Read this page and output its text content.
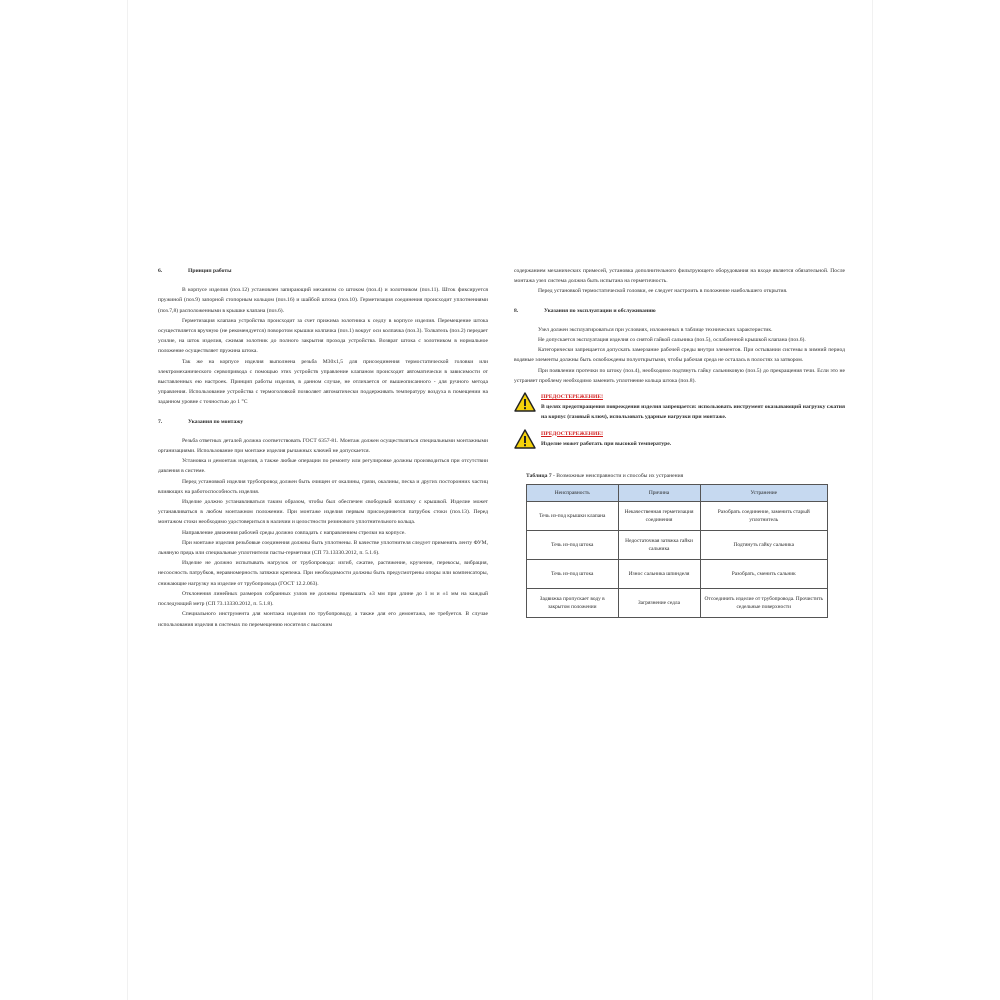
6.	Принцип работы

В корпусе изделия (поз.12) установлен запирающий механизм со штоком (поз.4) и золотником (поз.11). Шток фиксируется пружиной (поз.9) запорной стопорным кольцом (поз.16) и шайбой штока (поз.10). Герметизация соединения происходит уплотнениями (поз.7,8) расположенными в крышке клапана (поз.6).

Герметизация клапана устройства происходит за счет прижима золотника к седлу в корпусе изделия. Перемещение штока осуществляется вручную (не рекомендуется) поворотом крышки колпачка (поз.1) вокруг оси колпачка (поз.3). Толкатель (поз.2) передает усилие, на шток изделия, сжимая золотник до полного закрытия прохода устройства. Возврат штока с золотником в нормальное положение осуществляет пружина штока.

Так же на корпусе изделия выполнена резьба М30х1,5 для присоединения термостатической головки или электромеханического сервопривода с помощью этих устройств управление клапаном происходит автоматически в зависимости от выставленных ею настроек. Принцип работы изделия, в данном случае, не отличается от вышеописанного - для ручного метода управления. Использование устройства с термоголовкой позволяет автоматически поддерживать температуру воздуха в помещении на заданном уровне с точностью до 1 °С

7.	Указания по монтажу

Резьба ответных деталей должна соответствовать ГОСТ 6357-81. Монтаж должен осуществляться специальными монтажными организациями. Использование при монтаже изделия рычажных ключей не допускается.

Установка и демонтаж изделия, а также любые операции по ремонту или регулировке должны производиться при отсутствии давления в системе.

Перед установкой изделия трубопровод должен быть очищен от окалины, грязи, окалины, песка и других посторонних частиц влияющих на работоспособность изделия.

Изделие должно устанавливаться таким образом, чтобы был обеспечен свободный колпачку с крышкой. Изделие может устанавливаться в любом монтажном положении. При монтаже изделия первым присоединяется патрубок стоки (поз.13). Перед монтажом стоки необходимо удостовериться в наличии и целостности резинового уплотнительного кольца.

Направление движения рабочей среды должно совпадать с направлением стрелки на корпусе.

При монтаже изделия резьбовые соединения должны быть уплотнены. В качестве уплотнителя следует применять ленту ФУМ, льняную прядь или специальные уплотнители пасты-герметики (СП 73.13330.2012, п. 5.1.6).

Изделие не должно испытывать нагрузок от трубопровода: изгиб, сжатие, растяжение, кручение, перекосы, вибрация, несоосность патрубков, неравномерность затяжки крепежа. При необходимости должны быть предусмотрены опоры или компенсаторы, снижающие нагрузку на изделие от трубопровода (ГОСТ 12.2.063).

Отклонения линейных размеров собранных узлов не должны превышать ±3 мм при длине до 1 м и ±1 мм на каждый последующий метр (СП 73.13330.2012, п. 5.1.8).

Специального инструмента для монтажа изделия по трубопроводу, а также для его демонтажа, не требуется. В случае использования изделия в системах по перемещению носителя с высоким

содержанием механических примесей, установка дополнительного фильтрующего оборудования на входе является обязательной. После монтажа узел система должна быть испытана на герметичность.

Перед установкой термостатической головки, ее следует настроить в положение наибольшего открытия.

8.	Указания по эксплуатации и обслуживанию

Узел должен эксплуатироваться при условиях, изложенных в таблице технических характеристик.

Не допускается эксплуатация изделия со снятой гайкой сальника (поз.5), ослабленной крышкой клапана (поз.6).

Категорически запрещается допускать замерзание рабочей среды внутри элементов. При остывании системы в зимний период водяные элементы должны быть освобождены полуоткрытыми, чтобы рабочая среда не осталась в полостях за затвором.

При появлении протечки по штоку (поз.4), необходимо подтянуть гайку сальниковую (поз.5) до прекращения течи. Если это не устраняет проблему необходимо заменить уплотнение кольца штока (поз.8).

ПРЕДОСТЕРЕЖЕНИЕ!
В целях предотвращения повреждения изделия запрещается: использовать инструмент оказывающий нагрузку сжатия на корпус (газовый ключ), использовать ударные нагрузки при монтаже.
ПРЕДОСТЕРЕЖЕНИЕ!
Изделие может работать при высокой температуре.
Таблица 7 - Возможные неисправности и способы их устранения
Неисправность	Причина	Устранение
Течь из-под крышки клапана	Некачественная герметизация соединения	Разобрать соединение, заменить старый уплотнитель
Течь из-под штока	Недостаточная затяжка гайки сальника	Подтянуть гайку сальника
Течь из-под штока	Износ сальника шпинделя	Разобрать, сменить сальник
Задвижка пропускает воду в закрытом положении	Загрязнение седла	Отсоединить изделие от трубопровода. Прочистить седельные поверхности
